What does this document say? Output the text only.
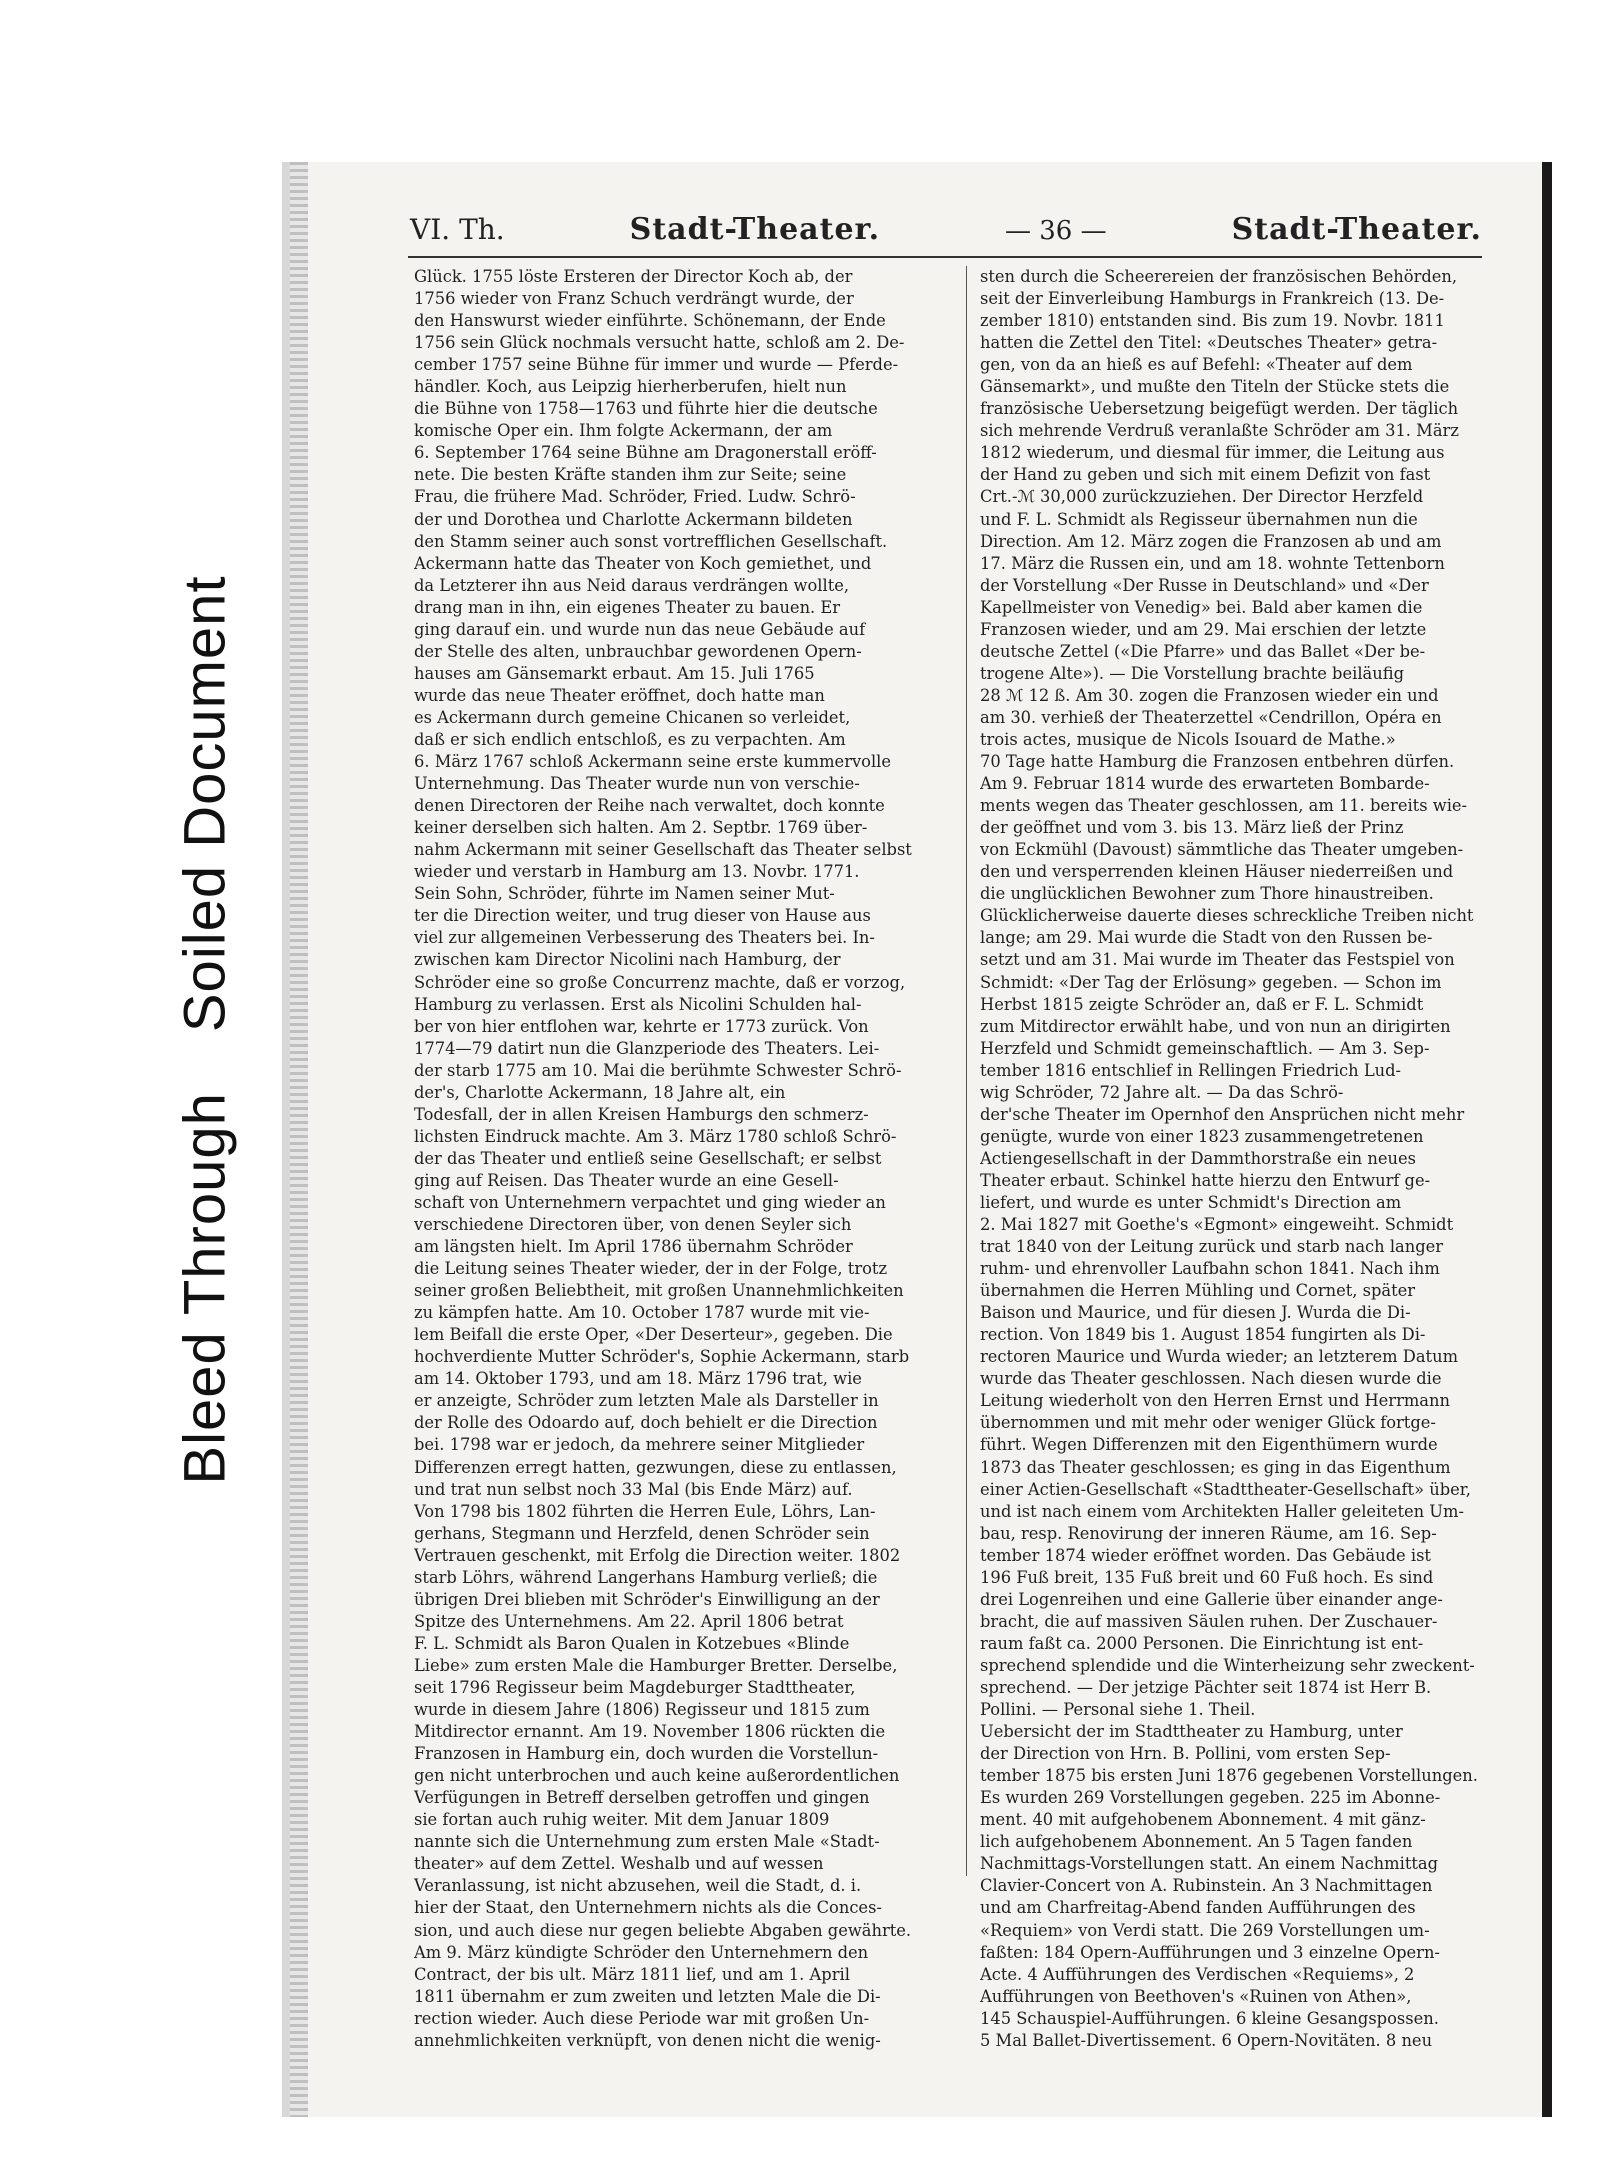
Bleed ThroughSoiled Document
VI. Th.	Stadt-Theater.	— 36 —	Stadt-Theater.
Glück. 1755 löste Ersteren der Director Koch ab, der
1756 wieder von Franz Schuch verdrängt wurde, der
den Hanswurst wieder einführte. Schönemann, der Ende
1756 sein Glück nochmals versucht hatte, schloß am 2. De-
cember 1757 seine Bühne für immer und wurde — Pferde-
händler. Koch, aus Leipzig hierherberufen, hielt nun
die Bühne von 1758—1763 und führte hier die deutsche
komische Oper ein. Ihm folgte Ackermann, der am
6. September 1764 seine Bühne am Dragonerstall eröff-
nete. Die besten Kräfte standen ihm zur Seite; seine
Frau, die frühere Mad. Schröder, Fried. Ludw. Schrö-
der und Dorothea und Charlotte Ackermann bildeten
den Stamm seiner auch sonst vortrefflichen Gesellschaft.
Ackermann hatte das Theater von Koch gemiethet, und
da Letzterer ihn aus Neid daraus verdrängen wollte,
drang man in ihn, ein eigenes Theater zu bauen. Er
ging darauf ein. und wurde nun das neue Gebäude auf
der Stelle des alten, unbrauchbar gewordenen Opern-
hauses am Gänsemarkt erbaut. Am 15. Juli 1765
wurde das neue Theater eröffnet, doch hatte man
es Ackermann durch gemeine Chicanen so verleidet,
daß er sich endlich entschloß, es zu verpachten. Am
6. März 1767 schloß Ackermann seine erste kummervolle
Unternehmung. Das Theater wurde nun von verschie-
denen Directoren der Reihe nach verwaltet, doch konnte
keiner derselben sich halten. Am 2. Septbr. 1769 über-
nahm Ackermann mit seiner Gesellschaft das Theater selbst
wieder und verstarb in Hamburg am 13. Novbr. 1771.
Sein Sohn, Schröder, führte im Namen seiner Mut-
ter die Direction weiter, und trug dieser von Hause aus
viel zur allgemeinen Verbesserung des Theaters bei. In-
zwischen kam Director Nicolini nach Hamburg, der
Schröder eine so große Concurrenz machte, daß er vorzog,
Hamburg zu verlassen. Erst als Nicolini Schulden hal-
ber von hier entflohen war, kehrte er 1773 zurück. Von
1774—79 datirt nun die Glanzperiode des Theaters. Lei-
der starb 1775 am 10. Mai die berühmte Schwester Schrö-
der's, Charlotte Ackermann, 18 Jahre alt, ein
Todesfall, der in allen Kreisen Hamburgs den schmerz-
lichsten Eindruck machte. Am 3. März 1780 schloß Schrö-
der das Theater und entließ seine Gesellschaft; er selbst
ging auf Reisen. Das Theater wurde an eine Gesell-
schaft von Unternehmern verpachtet und ging wieder an
verschiedene Directoren über, von denen Seyler sich
am längsten hielt. Im April 1786 übernahm Schröder
die Leitung seines Theater wieder, der in der Folge, trotz
seiner großen Beliebtheit, mit großen Unannehmlichkeiten
zu kämpfen hatte. Am 10. October 1787 wurde mit vie-
lem Beifall die erste Oper, «Der Deserteur», gegeben. Die
hochverdiente Mutter Schröder's, Sophie Ackermann, starb
am 14. Oktober 1793, und am 18. März 1796 trat, wie
er anzeigte, Schröder zum letzten Male als Darsteller in
der Rolle des Odoardo auf, doch behielt er die Direction
bei. 1798 war er jedoch, da mehrere seiner Mitglieder
Differenzen erregt hatten, gezwungen, diese zu entlassen,
und trat nun selbst noch 33 Mal (bis Ende März) auf.
Von 1798 bis 1802 führten die Herren Eule, Löhrs, Lan-
gerhans, Stegmann und Herzfeld, denen Schröder sein
Vertrauen geschenkt, mit Erfolg die Direction weiter. 1802
starb Löhrs, während Langerhans Hamburg verließ; die
übrigen Drei blieben mit Schröder's Einwilligung an der
Spitze des Unternehmens. Am 22. April 1806 betrat
F. L. Schmidt als Baron Qualen in Kotzebues «Blinde
Liebe» zum ersten Male die Hamburger Bretter. Derselbe,
seit 1796 Regisseur beim Magdeburger Stadttheater,
wurde in diesem Jahre (1806) Regisseur und 1815 zum
Mitdirector ernannt. Am 19. November 1806 rückten die
Franzosen in Hamburg ein, doch wurden die Vorstellun-
gen nicht unterbrochen und auch keine außerordentlichen
Verfügungen in Betreff derselben getroffen und gingen
sie fortan auch ruhig weiter. Mit dem Januar 1809
nannte sich die Unternehmung zum ersten Male «Stadt-
theater» auf dem Zettel. Weshalb und auf wessen
Veranlassung, ist nicht abzusehen, weil die Stadt, d. i.
hier der Staat, den Unternehmern nichts als die Conces-
sion, und auch diese nur gegen beliebte Abgaben gewährte.
Am 9. März kündigte Schröder den Unternehmern den
Contract, der bis ult. März 1811 lief, und am 1. April
1811 übernahm er zum zweiten und letzten Male die Di-
rection wieder. Auch diese Periode war mit großen Un-
annehmlichkeiten verknüpft, von denen nicht die wenig-
sten durch die Scheerereien der französischen Behörden,
seit der Einverleibung Hamburgs in Frankreich (13. De-
zember 1810) entstanden sind. Bis zum 19. Novbr. 1811
hatten die Zettel den Titel: «Deutsches Theater» getra-
gen, von da an hieß es auf Befehl: «Theater auf dem
Gänsemarkt», und mußte den Titeln der Stücke stets die
französische Uebersetzung beigefügt werden. Der täglich
sich mehrende Verdruß veranlaßte Schröder am 31. März
1812 wiederum, und diesmal für immer, die Leitung aus
der Hand zu geben und sich mit einem Defizit von fast
Crt.-ℳ 30,000 zurückzuziehen. Der Director Herzfeld
und F. L. Schmidt als Regisseur übernahmen nun die
Direction. Am 12. März zogen die Franzosen ab und am
17. März die Russen ein, und am 18. wohnte Tettenborn
der Vorstellung «Der Russe in Deutschland» und «Der
Kapellmeister von Venedig» bei. Bald aber kamen die
Franzosen wieder, und am 29. Mai erschien der letzte
deutsche Zettel («Die Pfarre» und das Ballet «Der be-
trogene Alte»). — Die Vorstellung brachte beiläufig
28 ℳ 12 ß. Am 30. zogen die Franzosen wieder ein und
am 30. verhieß der Theaterzettel «Cendrillon, Opéra en
trois actes, musique de Nicols Isouard de Mathe.»
70 Tage hatte Hamburg die Franzosen entbehren dürfen.
Am 9. Februar 1814 wurde des erwarteten Bombarde-
ments wegen das Theater geschlossen, am 11. bereits wie-
der geöffnet und vom 3. bis 13. März ließ der Prinz
von Eckmühl (Davoust) sämmtliche das Theater umgeben-
den und versperrenden kleinen Häuser niederreißen und
die unglücklichen Bewohner zum Thore hinaustreiben.
Glücklicherweise dauerte dieses schreckliche Treiben nicht
lange; am 29. Mai wurde die Stadt von den Russen be-
setzt und am 31. Mai wurde im Theater das Festspiel von
Schmidt: «Der Tag der Erlösung» gegeben. — Schon im
Herbst 1815 zeigte Schröder an, daß er F. L. Schmidt
zum Mitdirector erwählt habe, und von nun an dirigirten
Herzfeld und Schmidt gemeinschaftlich. — Am 3. Sep-
tember 1816 entschlief in Rellingen Friedrich Lud-
wig Schröder, 72 Jahre alt. — Da das Schrö-
der'sche Theater im Opernhof den Ansprüchen nicht mehr
genügte, wurde von einer 1823 zusammengetretenen
Actiengesellschaft in der Dammthorstraße ein neues
Theater erbaut. Schinkel hatte hierzu den Entwurf ge-
liefert, und wurde es unter Schmidt's Direction am
2. Mai 1827 mit Goethe's «Egmont» eingeweiht. Schmidt
trat 1840 von der Leitung zurück und starb nach langer
ruhm- und ehrenvoller Laufbahn schon 1841. Nach ihm
übernahmen die Herren Mühling und Cornet, später
Baison und Maurice, und für diesen J. Wurda die Di-
rection. Von 1849 bis 1. August 1854 fungirten als Di-
rectoren Maurice und Wurda wieder; an letzterem Datum
wurde das Theater geschlossen. Nach diesen wurde die
Leitung wiederholt von den Herren Ernst und Herrmann
übernommen und mit mehr oder weniger Glück fortge-
führt. Wegen Differenzen mit den Eigenthümern wurde
1873 das Theater geschlossen; es ging in das Eigenthum
einer Actien-Gesellschaft «Stadttheater-Gesellschaft» über,
und ist nach einem vom Architekten Haller geleiteten Um-
bau, resp. Renovirung der inneren Räume, am 16. Sep-
tember 1874 wieder eröffnet worden. Das Gebäude ist
196 Fuß breit, 135 Fuß breit und 60 Fuß hoch. Es sind
drei Logenreihen und eine Gallerie über einander ange-
bracht, die auf massiven Säulen ruhen. Der Zuschauer-
raum faßt ca. 2000 Personen. Die Einrichtung ist ent-
sprechend splendide und die Winterheizung sehr zweckent-
sprechend. — Der jetzige Pächter seit 1874 ist Herr B.
Pollini. — Personal siehe 1. Theil.
Uebersicht der im Stadttheater zu Hamburg, unter
der Direction von Hrn. B. Pollini, vom ersten Sep-
tember 1875 bis ersten Juni 1876 gegebenen Vorstellungen.
Es wurden 269 Vorstellungen gegeben. 225 im Abonne-
ment. 40 mit aufgehobenem Abonnement. 4 mit gänz-
lich aufgehobenem Abonnement. An 5 Tagen fanden
Nachmittags-Vorstellungen statt. An einem Nachmittag
Clavier-Concert von A. Rubinstein. An 3 Nachmittagen
und am Charfreitag-Abend fanden Aufführungen des
«Requiem» von Verdi statt. Die 269 Vorstellungen um-
faßten: 184 Opern-Aufführungen und 3 einzelne Opern-
Acte. 4 Aufführungen des Verdischen «Requiems», 2
Aufführungen von Beethoven's «Ruinen von Athen»,
145 Schauspiel-Aufführungen. 6 kleine Gesangspossen.
5 Mal Ballet-Divertissement. 6 Opern-Novitäten. 8 neu
